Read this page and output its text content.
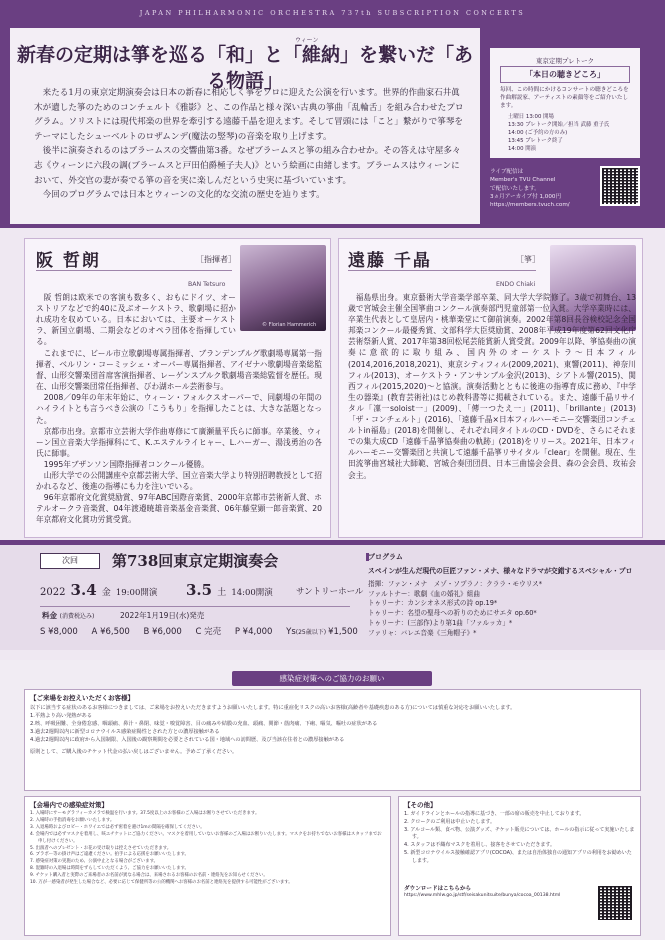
JAPAN PHILHARMONIC ORCHESTRA 737th SUBSCRIPTION CONCERTS
ウィーン
新春の定期は箏を巡る「和」と「維納」を繋いだ「ある物語」

来たる1月の東京定期演奏会は日本の新春に相応しく箏をソロに迎えた公演を行います。世界的作曲家石井眞木が遺した箏のためのコンチェルト《雅影》と、この作品と様々深い古典の箏曲「乱輪舌」を組み合わせたプログラム。ソリストには現代邦楽の世界を牽引する遠藤千晶を迎えます。そして冒頭には「こと」繋がりで箏琴をテーマにしたシューベルトのロザムンデ(魔法の竪琴)の音楽を取り上げます。

後半に演奏されるのはブラームスの交響曲第3番。なぜブラームスと箏の組み合わせか。その答えは守屋多々志《ウィーンに六段の調(ブラームスと戸田伯爵極子夫人)》という絵画に由緒します。ブラームスはウィーンにおいて、外交官の妻が奏でる箏の音を実に楽しんだという史実に基づいています。

今回のプログラムでは日本とウィーンの文化的な交流の歴史を辿ります。

東京定期プレトーク
「本日の聴きどころ」
毎回、この時間にかけるコンサートの聴きどころを作曲解説家、アーティストの素顔等をご紹介いたします。
土曜日 13:00 開場
13:30 プレトーク開始／担当 武藤 重子氏
14:00 (ご予約の方のみ)
13:45 プレトーク終了
14:00 開演
ライブ配信は
Member's TVU Channel
で配信いたします。
3ヵ月アーカイブ付 1,000円
https://members.tvuch.com/
阪 哲朗	［指揮者］
BAN Tetsuro
© Florian Hammerich

阪 哲朗は欧米での客演も数多く、おもにドイツ、オーストリアなどで約40に及ぶオーケストラ、歌劇場に招かれ成功を収めている。日本においては、主要オーケストラ、新国立劇場、二期会などのオペラ団体を指揮している。

これまでに、ビール市立歌劇場専属指揮者、ブランデンブルグ歌劇場専属第一指揮者、ベルリン・コーミッシェ・オーパー専属指揮者、アイゼナハ歌劇場音楽総監督、山形交響楽団首席客演指揮者、レーゲンスブルク歌劇場音楽総監督を歴任。現在、山形交響楽団常任指揮者、びわ湖ホール芸術参与。

2008／09年の年末年始に、ウィーン・フォルクスオーパーで、同劇場の年間のハイライトとも言うべき公演の「こうもり」を指揮したことは、大きな話題となった。

京都市出身。京都市立芸術大学作曲専修にて廣瀬量平氏らに師事。卒業後、ウィーン国立音楽大学指揮科にて、K.エステルライヒャー、L.ハーガー、湯浅勇治の各氏に師事。

1995年ブザンソン国際指揮者コンクール優勝。

山形大学での公開講座や京都芸術大学、国立音楽大学より特別招聘教授として招かれるなど、後進の指導にも力を注いでいる。

96年京都府文化賞奨励賞、97年ABC国際音楽賞、2000年京都市芸術新人賞、ホテルオークラ音楽賞、04年渡邉暁雄音楽基金音楽賞、06年藤堂顕一郎音楽賞、20年京都府文化賞功労賞受賞。

遠藤 千晶	［箏］
ENDO Chiaki

福島県出身。東京藝術大学音楽学部卒業、同大学大学院修了。3歳で初舞台、13歳で宮城会主催全国箏曲コンクール演奏部門児童部第一位入賞。大学卒業時には、卒業生代表として皇居内・桃華楽堂にて御前演奏。2002年第8回長谷検校記念全国邦楽コンクール最優秀賞、文部科学大臣奨励賞、2008年平成19年度第62回文化庁芸術祭新人賞、2017年第38回松尾芸能賞新人賞受賞。2009年以降、箏協奏曲の演奏に意欲的に取り組み、国内外のオーケストラ〜日本フィル(2014,2016,2018,2021)、東京シティフィル(2009,2021)、東響(2011)、神奈川フィル(2013)、オーケストラ・アンサンブル金沢(2013)、シアトル響(2015)、関西フィル(2015,2020)〜と協演。演奏活動とともに後進の指導育成に務め、『中学生の器楽』(教育芸術社)はじめ教科書等に掲載されている。また、遠藤千晶リサイタル「凜一soloist一」(2009)、「傳一つたえ一」(2011)、「brillante」(2013)「ザ・コンチェルト」(2016)、「遠藤千晶×日本フィルハーモニー交響楽団コンチェルトin福島」(2018)を開催し、それぞれ同タイトルのCD・DVDを、さらにそれまでの集大成CD「遠藤千晶箏協奏曲の軌跡」(2018)をリリース。2021年、日本フィルハーモニー交響楽団と共演して遠藤千晶箏リサイタル「clear」を開催。現在、生田流箏曲宮城社大師範、宮城合奏団団員、日本三曲協会会員、森の会会員、玫祐会会主。

次回	第738回東京定期演奏会
2022 3.4 金 19:00開演 3.5 土 14:00開演	サントリーホール
料金 (消費税込み)	2022年1月19日(水)発売
S ¥8,000 A ¥6,500 B ¥6,000 C 完売 P ¥4,000 Ys(25歳以下) ¥1,500
プログラム
スペインが生んだ現代の巨匠ファン・メナ、様々なドラマが交錯するスペシャル・プロ
指揮：ファン・メナ　メゾ・ソプラノ：クララ・モウリス*
ファルトナー：歌劇《血の婚礼》組曲
トゥリーナ：カンシオネス形式の詩 op.19*
トゥリーナ：名望の聖母への祈りのためにサエタ op.60*
トゥリーナ：(三部作)より第1曲「ファルッカ」*
ファリャ：バレエ音楽《三角帽子》*
感染症対策へのご協力のお願い
【ご来場をお控えいただくお客様】

以下に該当する症状のあるお客様につきましては、ご来場をお控えいただきますようお願いいたします。特に重症化リスクの高いお客様(高齢者や基礎疾患のある方)については慎重な対応をお願いいたします。

1.平熱より高い発熱がある

2.咳、呼吸困難、全身倦怠感、咽頭痛、鼻汁・鼻閉、味覚・嗅覚障害、目の痛みや結膜の充血、頭痛、関節・筋肉痛、下痢、嘔気、嘔吐の症状がある

3.過去2週間以内に新型コロナウイルス感染症陽性とされた方との濃厚接触がある

4.過去2週間以内に政府から入国制限、入国後の観察期間を必要とされている国・地域への訪問歴、及び当該在住者との濃厚接触がある

原則として、ご購入後のチケット代金の払い戻しはございません。予めご了承ください。

【会場内での感染症対策】

1. 入場時にサーモグラフィーカメラで検温を行います。37.5度以上のお客様のご入場はお断りさせていただきます。

2. 入場時の手指消毒をお願いいたします。

3. 入退場時およびロビー・ホワイエでは必ず密着を避け1mの間隔を確保してください。

4. 会場内では必ずマスクを着用し、咳エチケットにご協力ください。マスクを着用していないお客様のご入場はお断りいたします。マスクをお持ちでないお客様はスタッフまでお申し付けください。

5. 出演者へのプレゼント・お花の受け取りは控えさせていただきます。

6. ブラボー等の掛け声はご遠慮ください。拍手による応援をお願いいたします。

7. 感染症対策の実施のため、公演中止となる場合がございます。

8. 混雑時の入退場は時間をずらしていただくよう、ご協力をお願いいたします。

9. チケット購入者と実際のご来場者のお名前が異なる場合は、来場されるお客様のお名前・連絡先をお知らせください。

10. 万が一感染者が発生した場合など、必要に応じて保健所等の公的機関へお客様のお名前と連絡先を提供する可能性がございます。

【その他】

1. ガイドラインとホールの指導に基づき、一部の席の販売を中止しております。

2. クロークのご利用は中止いたします。

3. アルコール類、食べ物、公演グッズ、チケット販売については、ホールの指示に従って実施いたします。

4. スタッフは不織布マスクを着用し、接客をさせていただきます。

5. 新型コロナウイルス接触確認アプリ(COCOA)、または自治体独自の通知アプリの利用をお勧めいたします。

ダウンロードはこちらから
https://www.mhlw.go.jp/stf/seisakunitsuite/bunya/cocoa_00138.html
